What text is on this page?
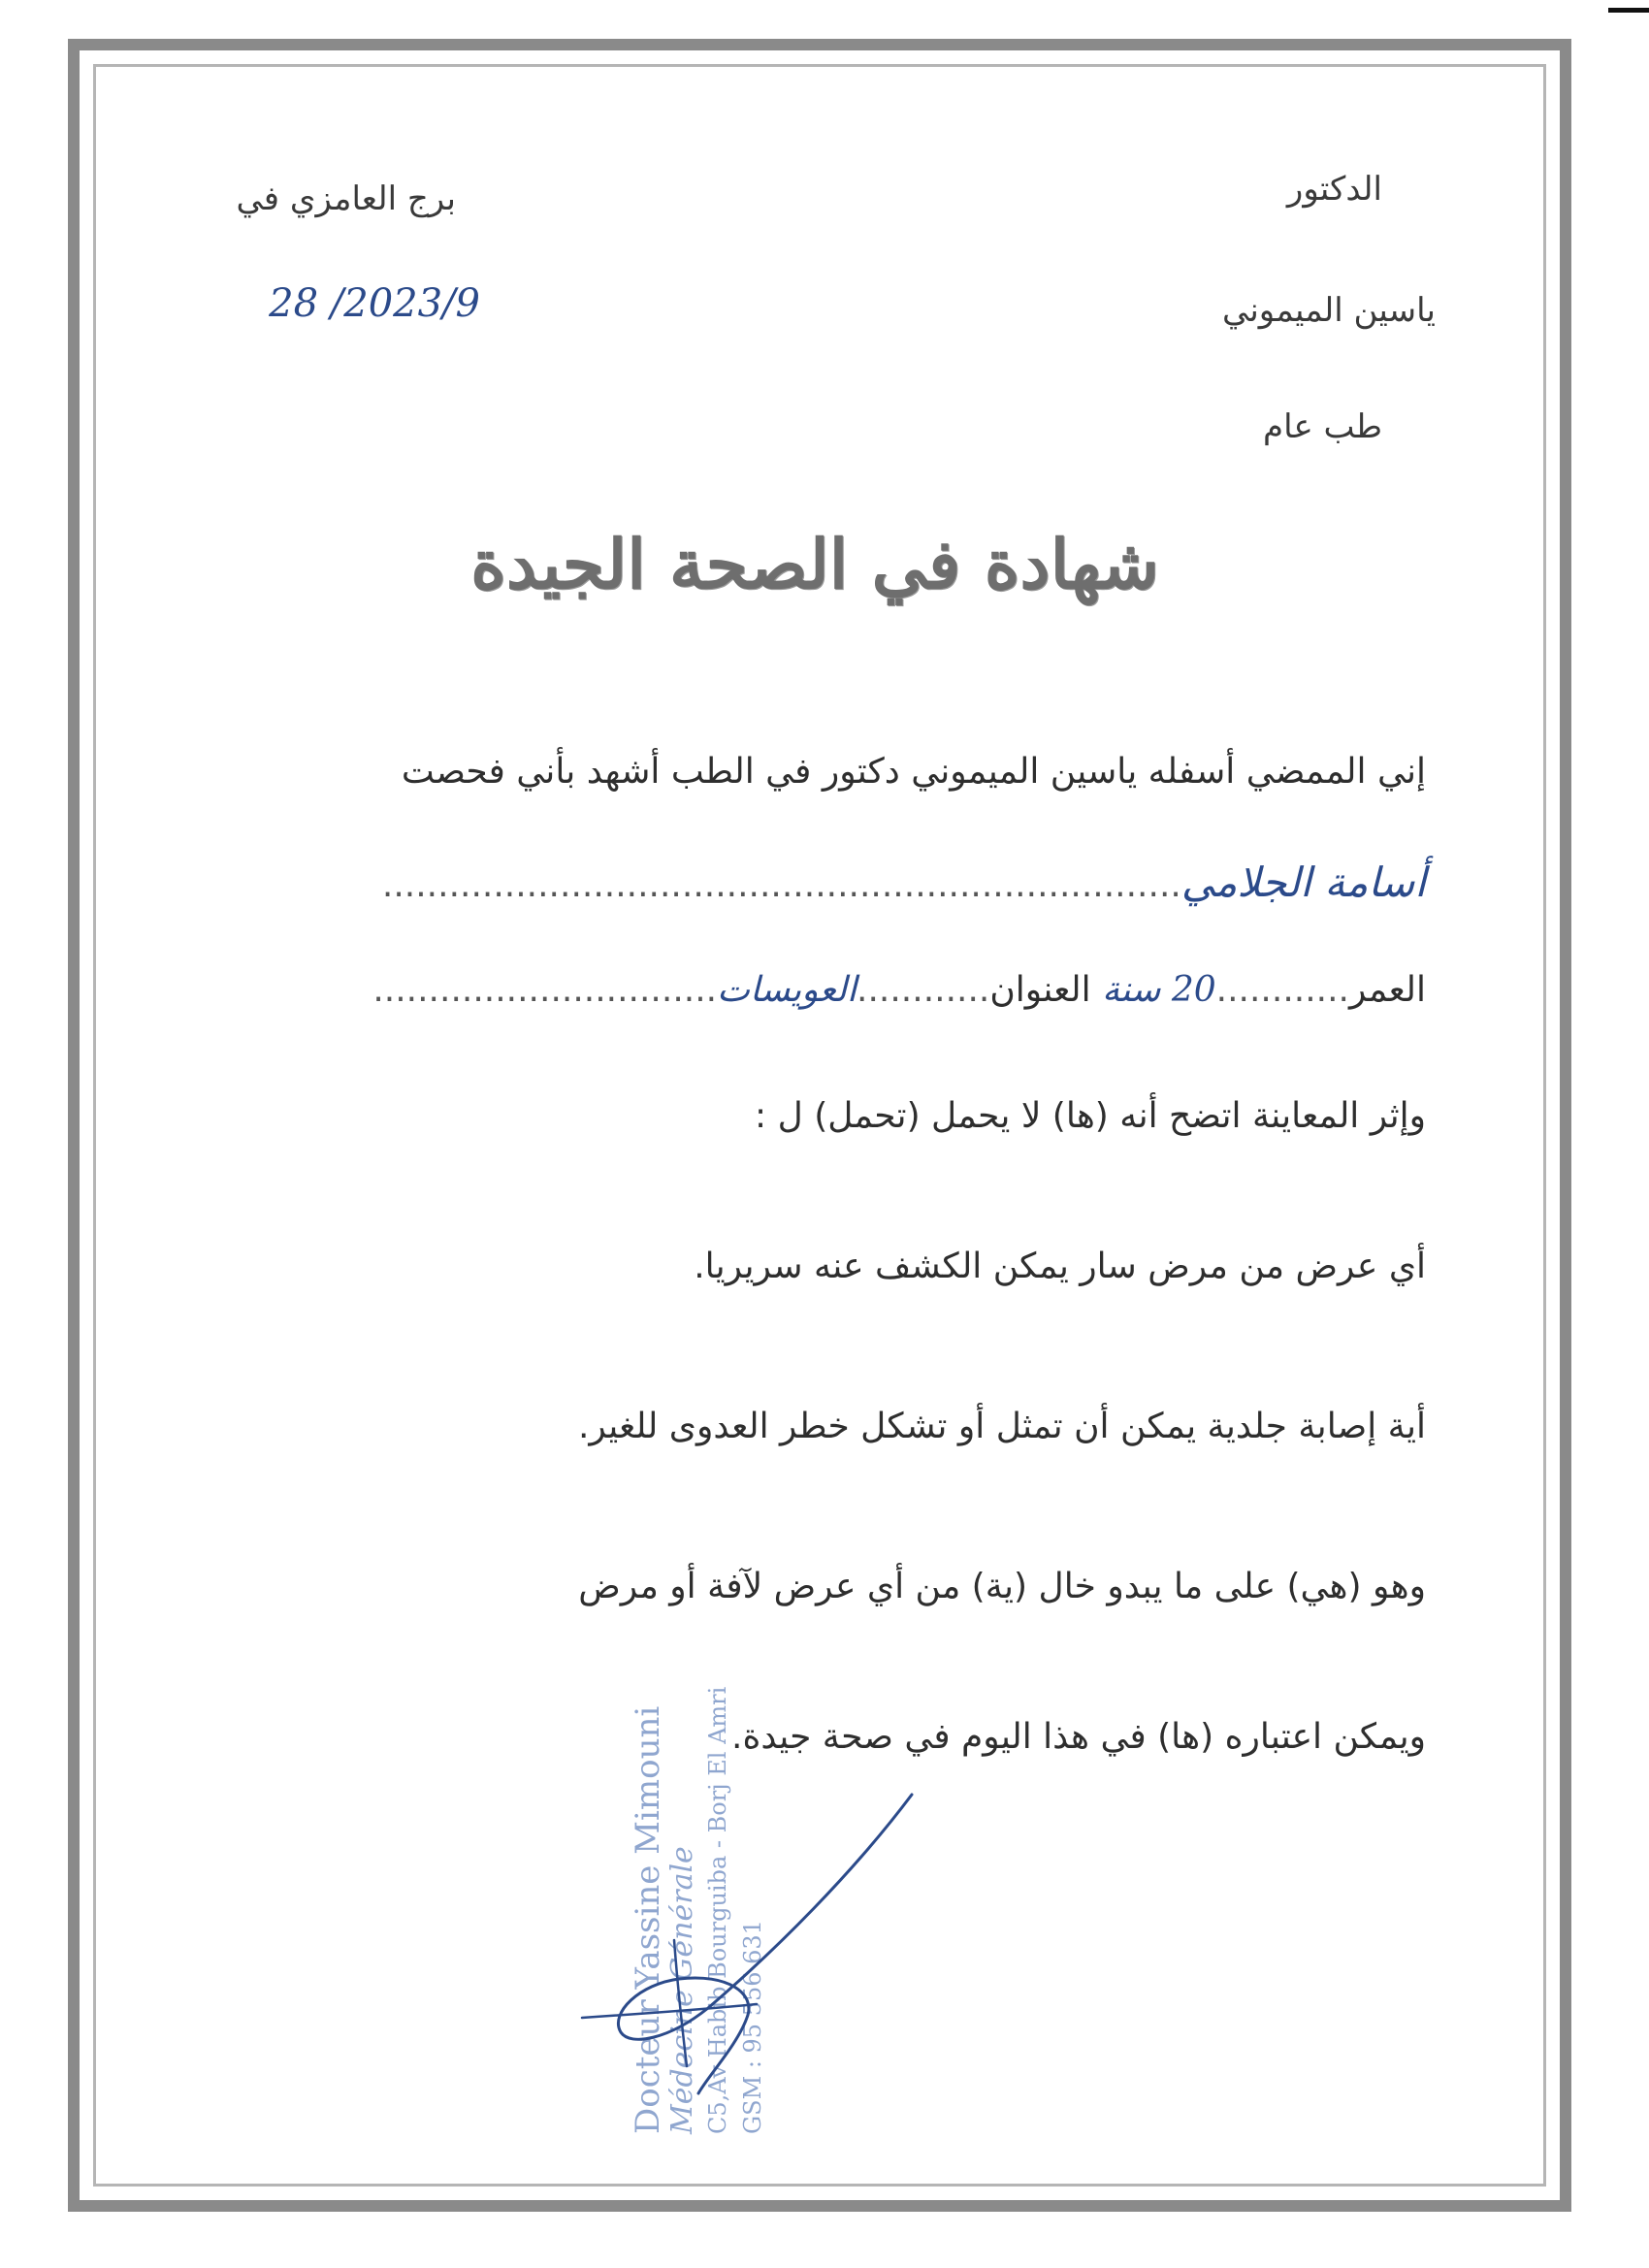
الدكتور
ياسين الميموني
طب عام
برج العامزي في
2023/9/ 28
شهادة في الصحة الجيدة
إني الممضي أسفله ياسين الميموني دكتور في الطب أشهد بأني فحصت
أسامة الجلامي........................................................................
العمر............20 سنة العنوان............العويسات...............................
وإثر المعاينة اتضح أنه (ها) لا يحمل (تحمل) ل :
أي عرض من مرض سار يمكن الكشف عنه سريريا.
أية إصابة جلدية يمكن أن تمثل أو تشكل خطر العدوى للغير.
وهو (هي) على ما يبدو خال (ية) من أي عرض لآفة أو مرض
ويمكن اعتباره (ها) في هذا اليوم في صحة جيدة.
Docteur Yassine Mimouni
Médecine Générale C5,Av Habib Bourguiba - Borj El Amri GSM : 95 556 631
